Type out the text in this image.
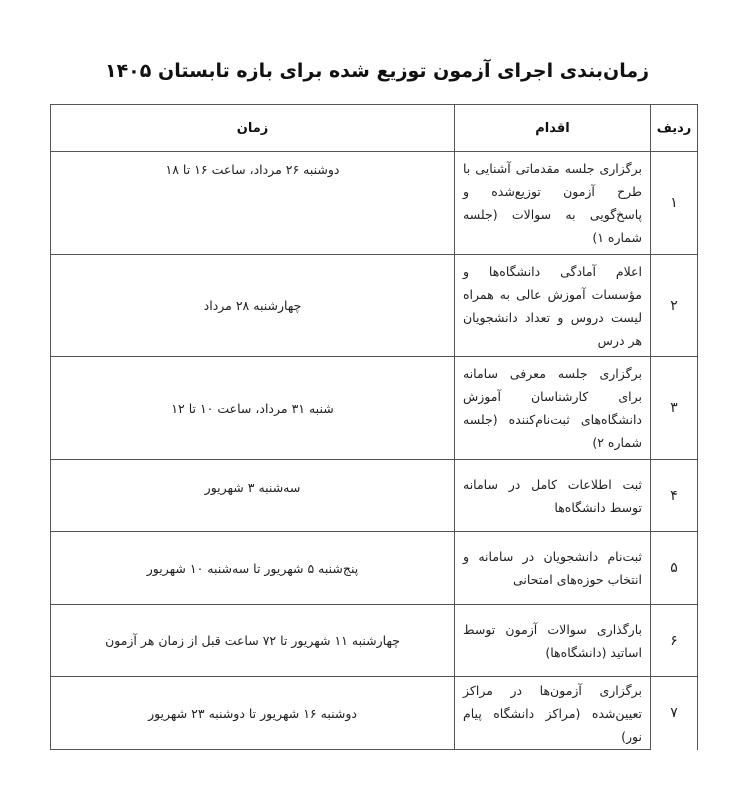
زمان‌بندی اجرای آزمون توزیع شده برای بازه تابستان ۱۴۰۵
ردیف	اقدام	زمان
۱	برگزاری جلسه مقدماتی آشنایی با طرح آزمون توزیع‌شده و پاسخ‌گویی به سوالات (جلسه شماره ۱)	دوشنبه ۲۶ مرداد، ساعت ۱۶ تا ۱۸
۲	اعلام آمادگی دانشگاه‌ها و مؤسسات آموزش عالی به همراه لیست دروس و تعداد دانشجویان هر درس	چهارشنبه ۲۸ مرداد
۳	برگزاری جلسه معرفی سامانه برای کارشناسان آموزش دانشگاه‌های ثبت‌نام‌کننده (جلسه شماره ۲)	شنبه ۳۱ مرداد، ساعت ۱۰ تا ۱۲
۴	ثبت اطلاعات کامل در سامانه توسط دانشگاه‌ها	سه‌شنبه ۳ شهریور
۵	ثبت‌نام دانشجویان در سامانه و انتخاب حوزه‌های امتحانی	پنج‌شنبه ۵ شهریور تا سه‌شنبه ۱۰ شهریور
۶	بارگذاری سوالات آزمون توسط اساتید (دانشگاه‌ها)	چهارشنبه ۱۱ شهریور تا ۷۲ ساعت قبل از زمان هر آزمون
۷	برگزاری آزمون‌ها در مراکز تعیین‌شده (مراکز دانشگاه پیام نور)	دوشنبه ۱۶ شهریور تا دوشنبه ۲۳ شهریور
